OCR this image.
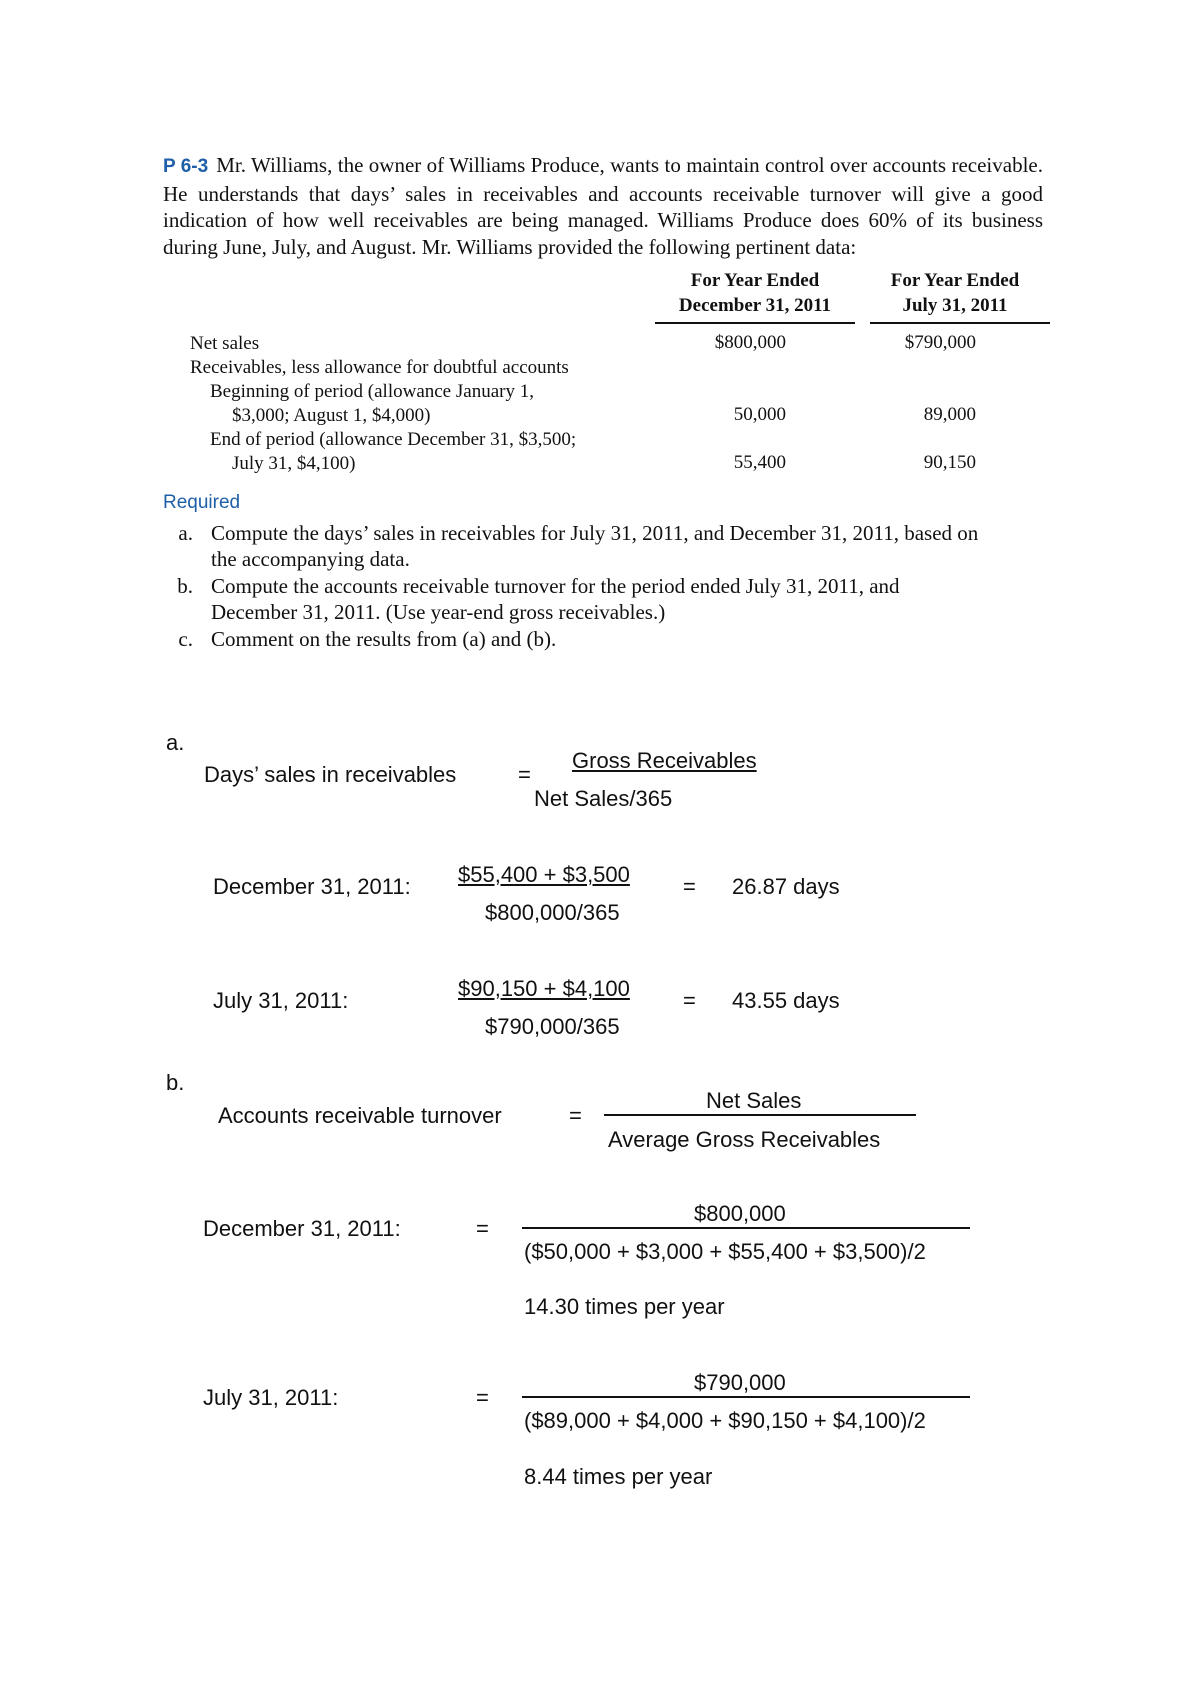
P 6-3 Mr. Williams, the owner of Williams Produce, wants to maintain control over accounts receivable. He understands that days’ sales in receivables and accounts receivable turnover will give a good indication of how well receivables are being managed. Williams Produce does 60% of its business during June, July, and August. Mr. Williams provided the following pertinent data:
For Year Ended
December 31, 2011
For Year Ended
July 31, 2011
Net sales	$800,000	$790,000
Receivables, less allowance for doubtful accounts
Beginning of period (allowance January 1,
$3,000; August 1, $4,000)	50,000	89,000
End of period (allowance December 31, $3,500;
July 31, $4,100)	55,400	90,150
Required
a. Compute the days’ sales in receivables for July 31, 2011, and December 31, 2011, based on the accompanying data.
b. Compute the accounts receivable turnover for the period ended July 31, 2011, and December 31, 2011. (Use year-end gross receivables.)
c. Comment on the results from (a) and (b).
a.
Days’ sales in receivables	=
Gross Receivables
Net Sales/365
December 31, 2011: $55,400 + $3,500
$800,000/365
= 26.87 days
July 31, 2011:	$90,150 + $4,100
$790,000/365
= 43.55 days
b.
Accounts receivable turnover	=
Net Sales
Average Gross Receivables
December 31, 2011:	=
$800,000
($50,000 + $3,000 + $55,400 + $3,500)/2
14.30 times per year
July 31, 2011:	=
$790,000
($89,000 + $4,000 + $90,150 + $4,100)/2
8.44 times per year
